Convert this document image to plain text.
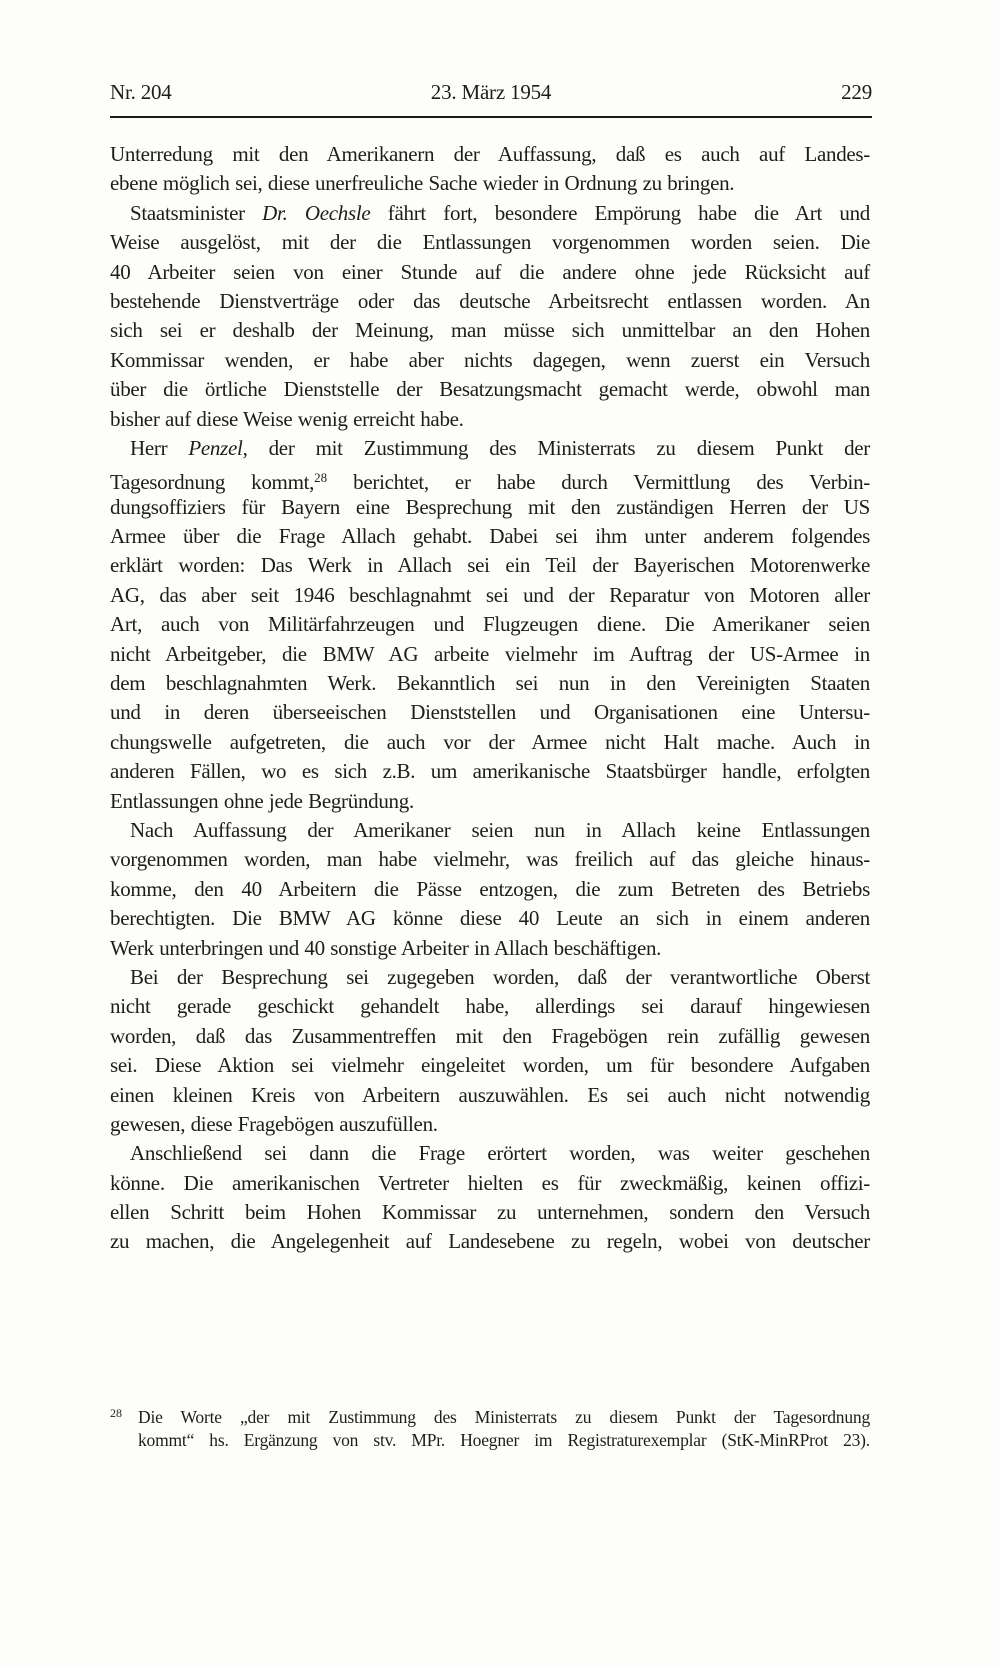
Nr. 204	23. März 1954	229
Unterredung mit den Amerikanern der Auffassung, daß es auch auf Landes-
ebene möglich sei, diese unerfreuliche Sache wieder in Ordnung zu bringen.
Staatsminister Dr. Oechsle fährt fort, besondere Empörung habe die Art und
Weise ausgelöst, mit der die Entlassungen vorgenommen worden seien. Die
40 Arbeiter seien von einer Stunde auf die andere ohne jede Rücksicht auf
bestehende Dienstverträge oder das deutsche Arbeitsrecht entlassen worden. An
sich sei er deshalb der Meinung, man müsse sich unmittelbar an den Hohen
Kommissar wenden, er habe aber nichts dagegen, wenn zuerst ein Versuch
über die örtliche Dienststelle der Besatzungsmacht gemacht werde, obwohl man
bisher auf diese Weise wenig erreicht habe.
Herr Penzel, der mit Zustimmung des Ministerrats zu diesem Punkt der
Tagesordnung kommt,$^{28}$ berichtet, er habe durch Vermittlung des Verbin-
dungsoffiziers für Bayern eine Besprechung mit den zuständigen Herren der US
Armee über die Frage Allach gehabt. Dabei sei ihm unter anderem folgendes
erklärt worden: Das Werk in Allach sei ein Teil der Bayerischen Motorenwerke
AG, das aber seit 1946 beschlagnahmt sei und der Reparatur von Motoren aller
Art, auch von Militärfahrzeugen und Flugzeugen diene. Die Amerikaner seien
nicht Arbeitgeber, die BMW AG arbeite vielmehr im Auftrag der US-Armee in
dem beschlagnahmten Werk. Bekanntlich sei nun in den Vereinigten Staaten
und in deren überseeischen Dienststellen und Organisationen eine Untersu-
chungswelle aufgetreten, die auch vor der Armee nicht Halt mache. Auch in
anderen Fällen, wo es sich z.B. um amerikanische Staatsbürger handle, erfolgten
Entlassungen ohne jede Begründung.
Nach Auffassung der Amerikaner seien nun in Allach keine Entlassungen
vorgenommen worden, man habe vielmehr, was freilich auf das gleiche hinaus-
komme, den 40 Arbeitern die Pässe entzogen, die zum Betreten des Betriebs
berechtigten. Die BMW AG könne diese 40 Leute an sich in einem anderen
Werk unterbringen und 40 sonstige Arbeiter in Allach beschäftigen.
Bei der Besprechung sei zugegeben worden, daß der verantwortliche Oberst
nicht gerade geschickt gehandelt habe, allerdings sei darauf hingewiesen
worden, daß das Zusammentreffen mit den Fragebögen rein zufällig gewesen
sei. Diese Aktion sei vielmehr eingeleitet worden, um für besondere Aufgaben
einen kleinen Kreis von Arbeitern auszuwählen. Es sei auch nicht notwendig
gewesen, diese Fragebögen auszufüllen.
Anschließend sei dann die Frage erörtert worden, was weiter geschehen
könne. Die amerikanischen Vertreter hielten es für zweckmäßig, keinen offizi-
ellen Schritt beim Hohen Kommissar zu unternehmen, sondern den Versuch
zu machen, die Angelegenheit auf Landesebene zu regeln, wobei von deutscher
28 Die Worte „der mit Zustimmung des Ministerrats zu diesem Punkt der Tagesordnung
kommt“ hs. Ergänzung von stv. MPr. Hoegner im Registraturexemplar (StK-MinRProt 23).
